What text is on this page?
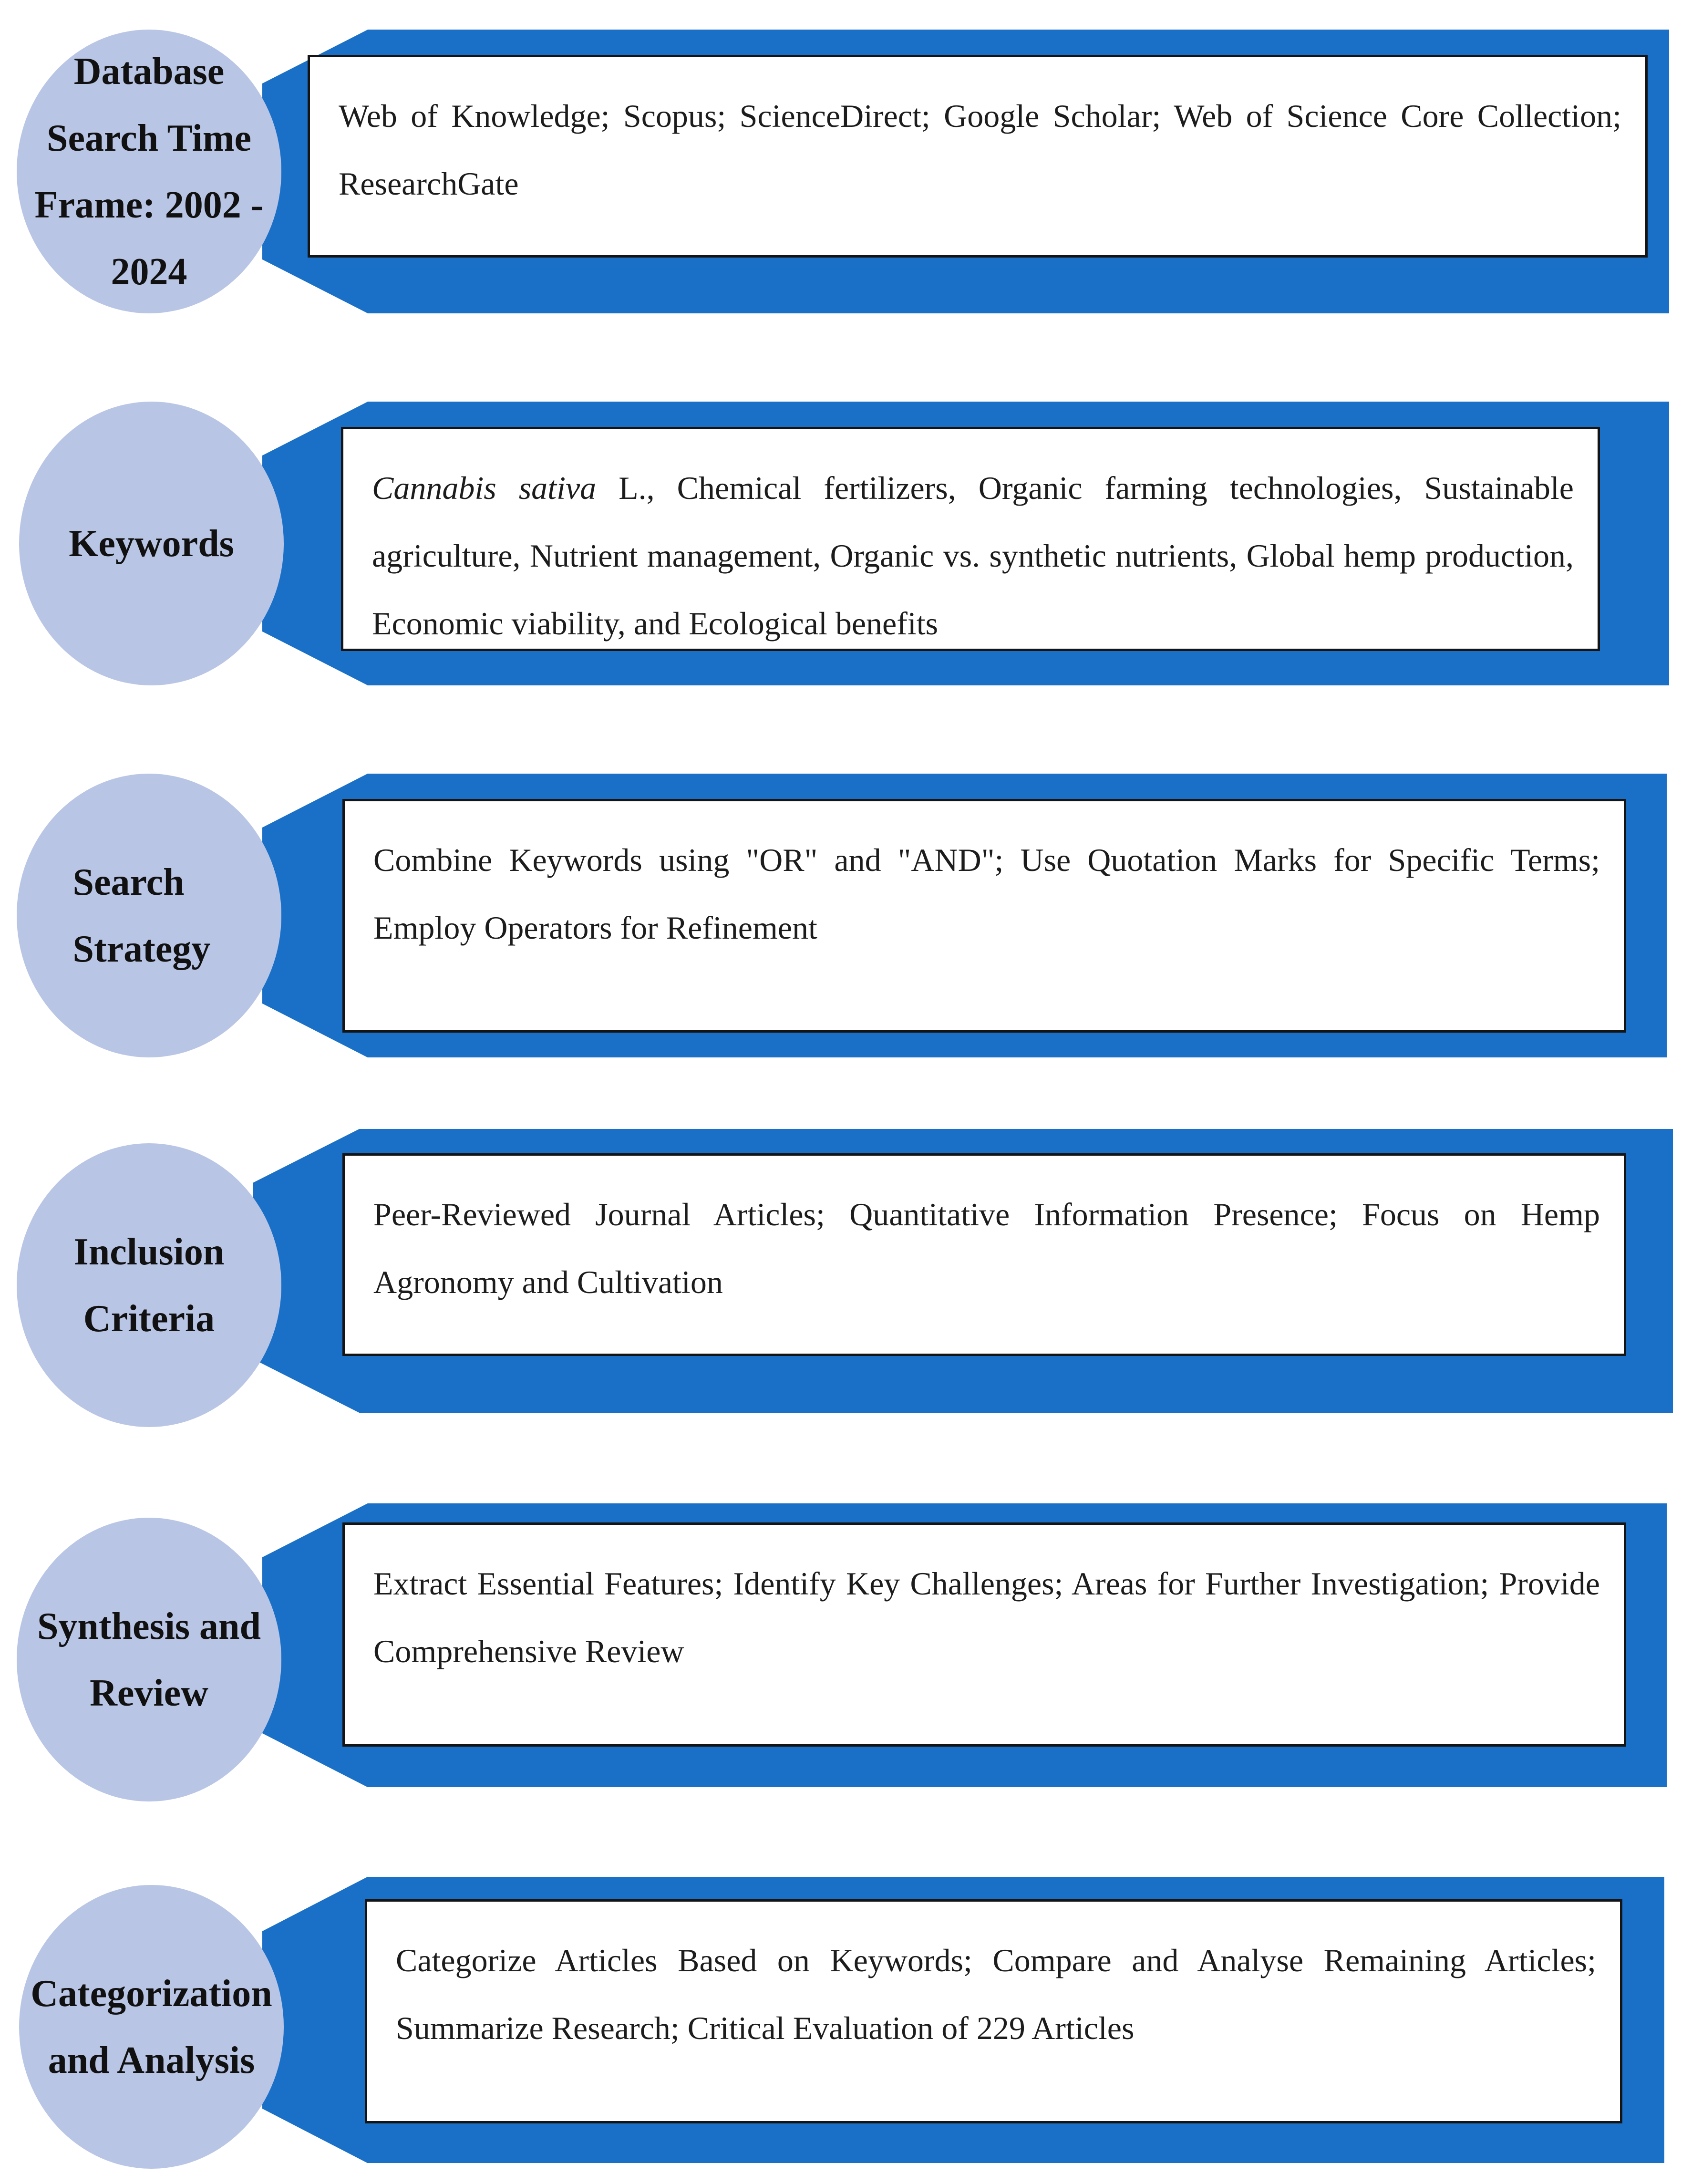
Web of Knowledge; Scopus; ScienceDirect; Google Scholar; Web of Science Core Collection; ResearchGate
Database Search Time Frame: 2002 - 2024
Cannabis sativa L., Chemical fertilizers, Organic farming technologies, Sustainable agriculture, Nutrient management, Organic vs. synthetic nutrients, Global hemp production, Economic viability, and Ecological benefits
Keywords
Combine Keywords using "OR" and "AND"; Use Quotation Marks for Specific Terms; Employ Operators for Refinement
Search Strategy
Peer-Reviewed Journal Articles; Quantitative Information Presence; Focus on Hemp Agronomy and Cultivation
Inclusion Criteria
Extract Essential Features; Identify Key Challenges; Areas for Further Investigation; Provide Comprehensive Review
Synthesis and Review
Categorize Articles Based on Keywords; Compare and Analyse Remaining Articles; Summarize Research; Critical Evaluation of 229 Articles
Categorization and Analysis
